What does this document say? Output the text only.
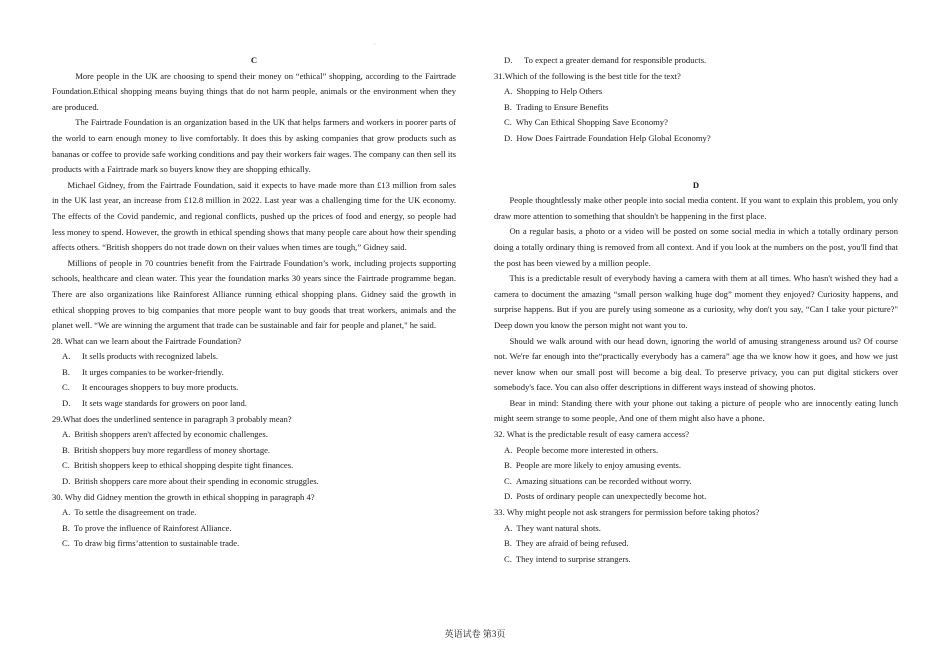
·

C

More people in the UK are choosing to spend their money on “ethical” shopping, according to the Fairtrade Foundation.Ethical shopping means buying things that do not harm people, animals or the environment when they are produced.

The Fairtrade Foundation is an organization based in the UK that helps farmers and workers in poorer parts of the world to earn enough money to live comfortably. It does this by asking companies that grow products such as bananas or coffee to provide safe working conditions and pay their workers fair wages. The company can then sell its products with a Fairtrade mark so buyers know they are shopping ethically.

Michael Gidney, from the Fairtrade Foundation, said it expects to have made more than £13 million from sales in the UK last year, an increase from £12.8 million in 2022. Last year was a challenging time for the UK economy. The effects of the Covid pandemic, and regional conflicts, pushed up the prices of food and energy, so people had less money to spend. However, the growth in ethical spending shows that many people care about how their spending affects others. “British shoppers do not trade down on their values when times are tough,” Gidney said.

Millions of people in 70 countries benefit from the Fairtrade Foundation’s work, including projects supporting schools, healthcare and clean water. This year the foundation marks 30 years since the Fairtrade programme began. There are also organizations like Rainforest Alliance running ethical shopping plans. Gidney said the growth in ethical shopping proves to big companies that more people want to buy goods that treat workers, animals and the planet well. “We are winning the argument that trade can be sustainable and fair for people and planet," he said.

28. What can we learn about the Fairtrade Foundation?

A. It sells products with recognized labels.

B. It urges companies to be worker-friendly.

C. It encourages shoppers to buy more products.

D. It sets wage standards for growers on poor land.

29.What does the underlined sentence in paragraph 3 probably mean?

A. British shoppers aren't affected by economic challenges.

B. British shoppers buy more regardless of money shortage.

C. British shoppers keep to ethical shopping despite tight finances.

D. British shoppers care more about their spending in economic struggles.

30. Why did Gidney mention the growth in ethical shopping in paragraph 4?

A. To settle the disagreement on trade.

B. To prove the influence of Rainforest Alliance.

C. To draw big firms’attention to sustainable trade.

D. To expect a greater demand for responsible products.

31.Which of the following is the best title for the text?

A. Shopping to Help Others

B. Trading to Ensure Benefits

C. Why Can Ethical Shopping Save Economy?

D. How Does Fairtrade Foundation Help Global Economy?

D

People thoughtlessly make other people into social media content. If you want to explain this problem, you only draw more attention to something that shouldn't be happening in the first place.

On a regular basis, a photo or a video will be posted on some social media in which a totally ordinary person doing a totally ordinary thing is removed from all context. And if you look at the numbers on the post, you'll find that the post has been viewed by a million people.

This is a predictable result of everybody having a camera with them at all times. Who hasn't wished they had a camera to document the amazing “small person walking huge dog” moment they enjoyed? Curiosity happens, and surprise happens. But if you are purely using someone as a curiosity, why don't you say, “Can I take your picture?" Deep down you know the person might not want you to.

Should we walk around with our head down, ignoring the world of amusing strangeness around us? Of course not. We're far enough into the“practically everybody has a camera” age tha we know how it goes, and how we just never know when our small post will become a big deal. To preserve privacy, you can put digital stickers over somebody's face. You can also offer descriptions in different ways instead of showing photos.

Bear in mind: Standing there with your phone out taking a picture of people who are innocently eating lunch might seem strange to some people, And one of them might also have a phone.

32. What is the predictable result of easy camera access?

A. People become more interested in others.

B. People are more likely to enjoy amusing events.

C. Amazing situations can be recorded without worry.

D. Posts of ordinary people can unexpectedly become hot.

33. Why might people not ask strangers for permission before taking photos?

A. They want natural shots.

B. They are afraid of being refused.

C. They intend to surprise strangers.

英语试卷 第3页
